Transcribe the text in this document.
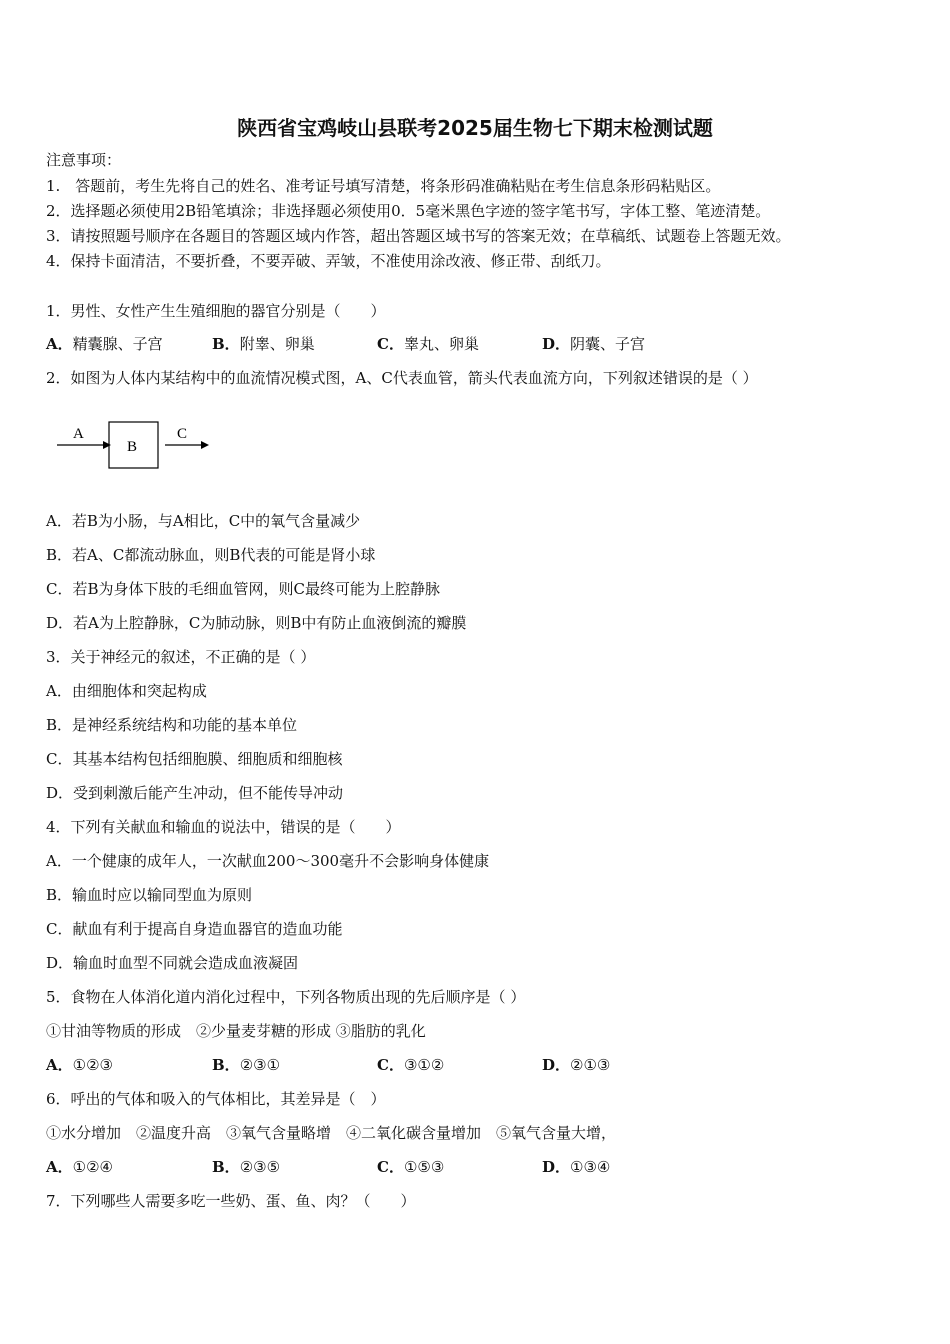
陕西省宝鸡岐山县联考2025届生物七下期末检测试题
注意事项：
1.　答题前，考生先将自己的姓名、准考证号填写清楚，将条形码准确粘贴在考生信息条形码粘贴区。
2．选择题必须使用2B铅笔填涂；非选择题必须使用0．5毫米黑色字迹的签字笔书写，字体工整、笔迹清楚。
3．请按照题号顺序在各题目的答题区域内作答，超出答题区域书写的答案无效；在草稿纸、试题卷上答题无效。
4．保持卡面清洁，不要折叠，不要弄破、弄皱，不准使用涂改液、修正带、刮纸刀。
1．男性、女性产生生殖细胞的器官分别是（　　）
A．精囊腺、子宫	B．附睾、卵巢	C．睾丸、卵巢	D．阴囊、子宫
2．如图为人体内某结构中的血流情况模式图，A、C代表血管，箭头代表血流方向，下列叙述错误的是（ ）
A
B
C
A．若B为小肠，与A相比，C中的氧气含量减少
B．若A、C都流动脉血，则B代表的可能是肾小球
C．若B为身体下肢的毛细血管网，则C最终可能为上腔静脉
D．若A为上腔静脉，C为肺动脉，则B中有防止血液倒流的瓣膜
3．关于神经元的叙述，不正确的是（ ）
A．由细胞体和突起构成
B．是神经系统结构和功能的基本单位
C．其基本结构包括细胞膜、细胞质和细胞核
D．受到刺激后能产生冲动，但不能传导冲动
4．下列有关献血和输血的说法中，错误的是（　　）
A．一个健康的成年人，一次献血200～300毫升不会影响身体健康
B．输血时应以输同型血为原则
C．献血有利于提高自身造血器官的造血功能
D．输血时血型不同就会造成血液凝固
5．食物在人体消化道内消化过程中，下列各物质出现的先后顺序是（ ）
①甘油等物质的形成　②少量麦芽糖的形成 ③脂肪的乳化
A．①②③	B．②③①	C．③①②	D．②①③
6．呼出的气体和吸入的气体相比，其差异是（　）
①水分增加　②温度升高　③氧气含量略增　④二氧化碳含量增加　⑤氧气含量大增，
A．①②④	B．②③⑤	C．①⑤③	D．①③④
7．下列哪些人需要多吃一些奶、蛋、鱼、肉？（　　）
